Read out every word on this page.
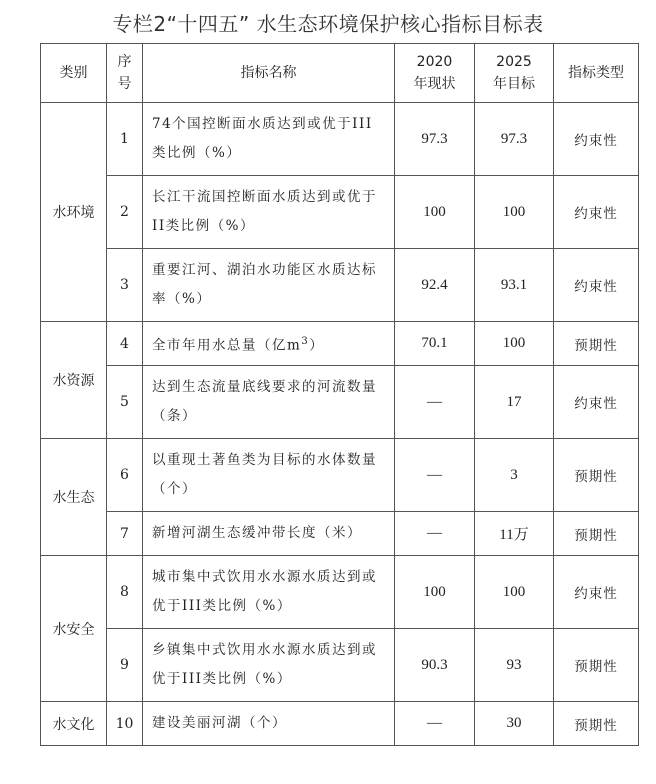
专栏2“十四五” 水生态环境保护核心指标目标表
类别	序号	指标名称	2020年现状	2025年目标	指标类型
水环境	1	74个国控断面水质达到或优于III类比例（%）	97.3	97.3	约束性
	2	长江干流国控断面水质达到或优于II类比例（%）	100	100	约束性
	3	重要江河、湖泊水功能区水质达标率（%）	92.4	93.1	约束性
水资源	4	全市年用水总量（亿$m^3$）	70.1	100	预期性
	5	达到生态流量底线要求的河流数量（条）	—	17	约束性
水生态	6	以重现土著鱼类为目标的水体数量（个）	—	3	预期性
	7	新增河湖生态缓冲带长度（米）	—	11万	预期性
水安全	8	城市集中式饮用水水源水质达到或优于III类比例（%）	100	100	约束性
	9	乡镇集中式饮用水水源水质达到或优于III类比例（%）	90.3	93	预期性
水文化	10	建设美丽河湖（个）	—	30	预期性
